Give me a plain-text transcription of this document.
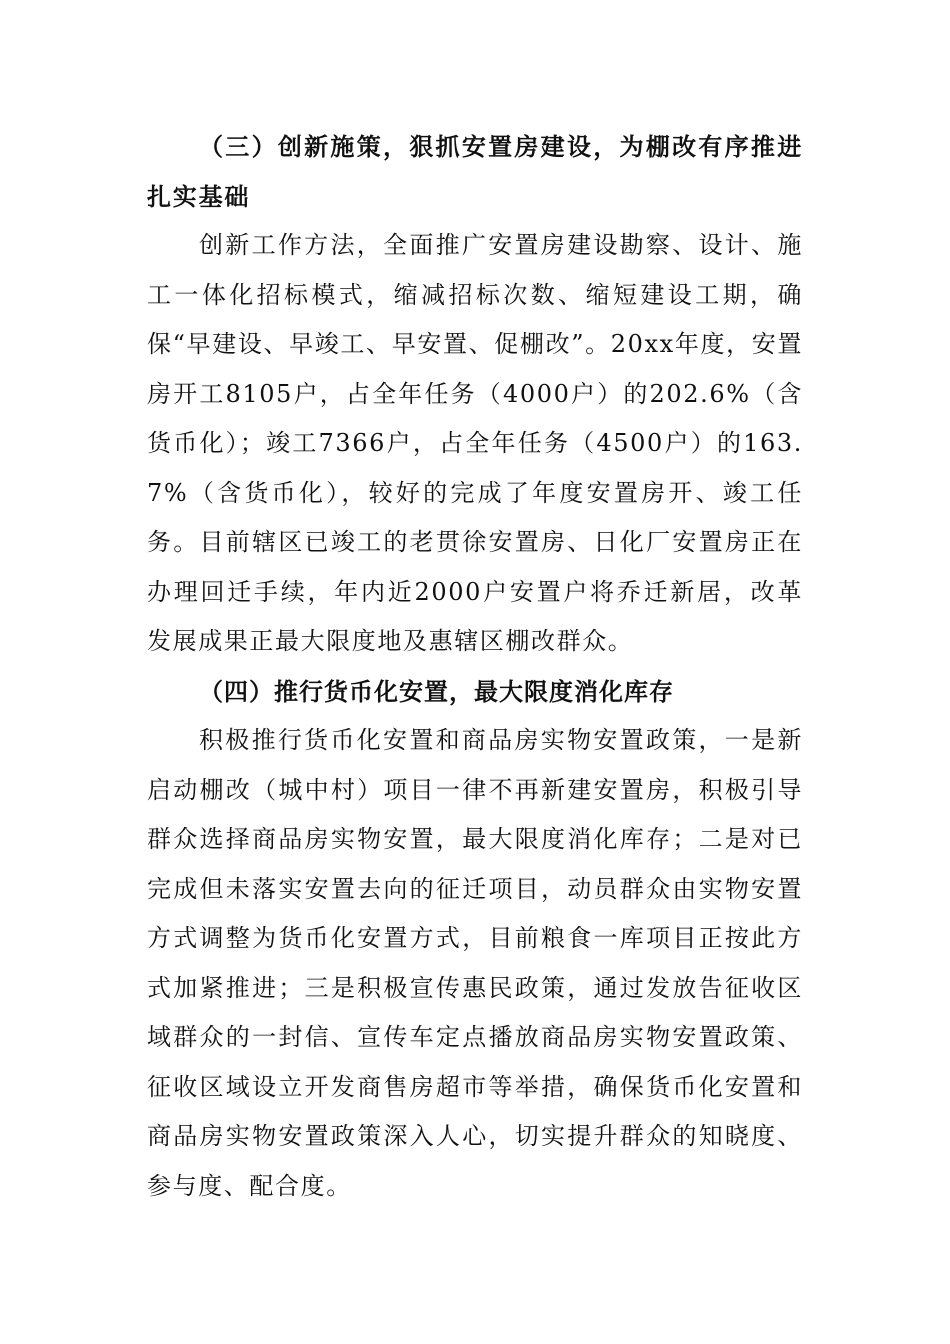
（三）创新施策，狠抓安置房建设，为棚改有序推进扎实基础

创新工作方法，全面推广安置房建设勘察、设计、施工一体化招标模式，缩减招标次数、缩短建设工期，确保“早建设、早竣工、早安置、促棚改”。20xx年度，安置房开工8105户，占全年任务（4000户）的202.6%（含货币化）；竣工7366户，占全年任务（4500户）的163.7%（含货币化），较好的完成了年度安置房开、竣工任务。目前辖区已竣工的老贯徐安置房、日化厂安置房正在办理回迁手续，年内近2000户安置户将乔迁新居，改革发展成果正最大限度地及惠辖区棚改群众。

（四）推行货币化安置，最大限度消化库存

积极推行货币化安置和商品房实物安置政策，一是新启动棚改（城中村）项目一律不再新建安置房，积极引导群众选择商品房实物安置，最大限度消化库存；二是对已完成但未落实安置去向的征迁项目，动员群众由实物安置方式调整为货币化安置方式，目前粮食一库项目正按此方式加紧推进；三是积极宣传惠民政策，通过发放告征收区域群众的一封信、宣传车定点播放商品房实物安置政策、征收区域设立开发商售房超市等举措，确保货币化安置和商品房实物安置政策深入人心，切实提升群众的知晓度、参与度、配合度。
